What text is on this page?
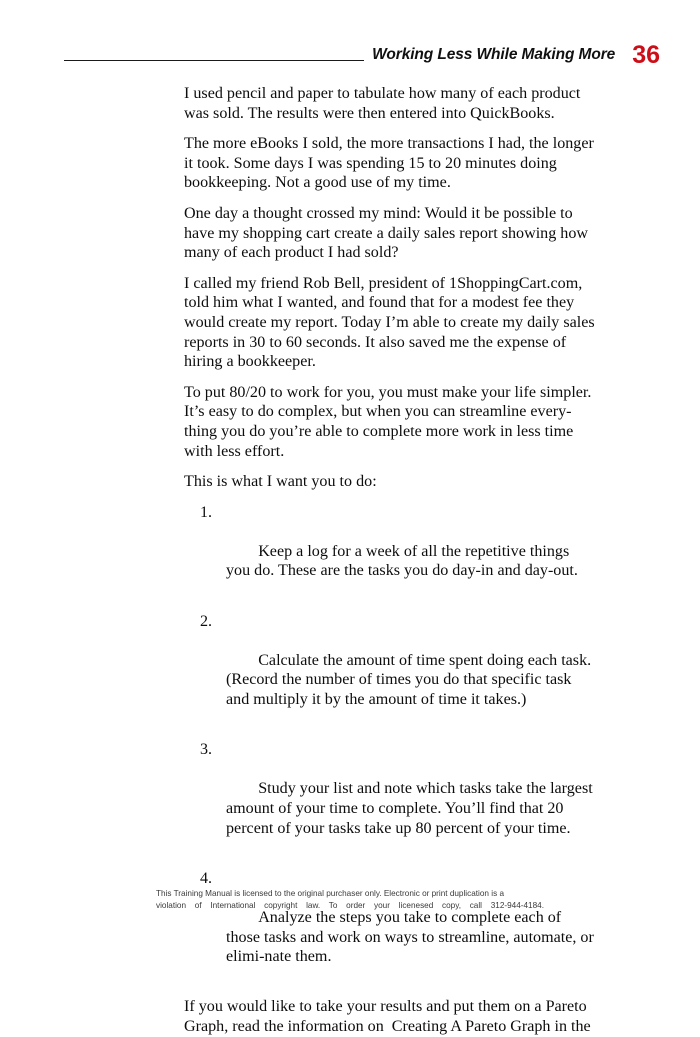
Working Less While Making More 36

I used pencil and paper to tabulate how many of each product was sold. The results were then entered into QuickBooks.

The more eBooks I sold, the more transactions I had, the longer it took. Some days I was spending 15 to 20 minutes doing bookkeeping. Not a good use of my time.

One day a thought crossed my mind: Would it be possible to have my shopping cart create a daily sales report showing how many of each product I had sold?

I called my friend Rob Bell, president of 1ShoppingCart.com, told him what I wanted, and found that for a modest fee they would create my report. Today I’m able to create my daily sales reports in 30 to 60 seconds. It also saved me the expense of hiring a bookkeeper.

To put 80/20 to work for you, you must make your life simpler. It’s easy to do complex, but when you can streamline every-thing you do you’re able to complete more work in less time with less effort.

This is what I want you to do:

1.

Keep a log for a week of all the repetitive things you do. These are the tasks you do day-in and day-out.

2.

Calculate the amount of time spent doing each task. (Record the number of times you do that specific task and multiply it by the amount of time it takes.)

3.

Study your list and note which tasks take the largest amount of your time to complete. You’ll find that 20 percent of your tasks take up 80 percent of your time.

4.

Analyze the steps you take to complete each of those tasks and work on ways to streamline, automate, or elimi-nate them.

If you would like to take your results and put them on a Pareto Graph, read the information on  Creating A Pareto Graph in the

This Training Manual is licensed to the original purchaser only. Electronic or print duplication is a
violation of International copyright law. To order your licenesed copy, call 312-944-4184.
